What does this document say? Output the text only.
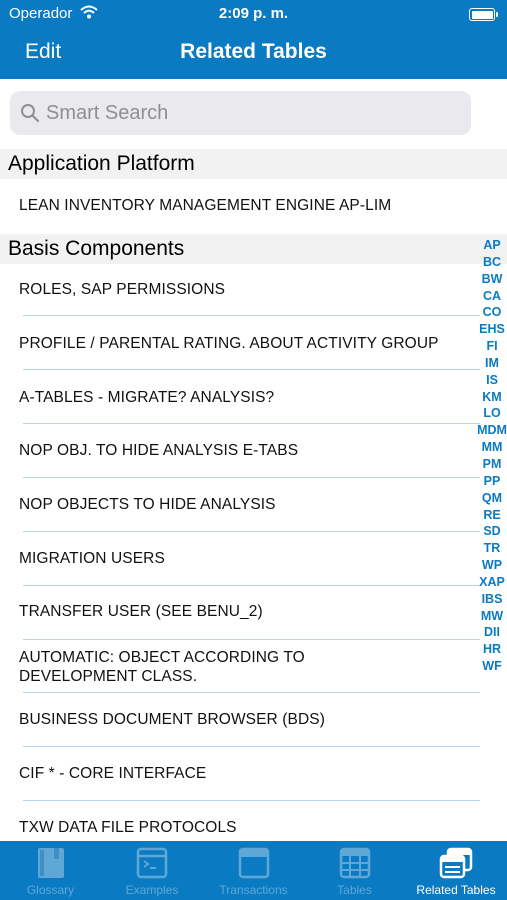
Operador	2:09 p. m.
Edit	Related Tables
Smart Search
Application Platform
LEAN INVENTORY MANAGEMENT ENGINE AP-LIM
Basis Components
ROLES, SAP PERMISSIONS
PROFILE / PARENTAL RATING. ABOUT ACTIVITY GROUP
A-TABLES - MIGRATE? ANALYSIS?
NOP OBJ. TO HIDE ANALYSIS E-TABS
NOP OBJECTS TO HIDE ANALYSIS
MIGRATION USERS
TRANSFER USER (SEE BENU_2)
AUTOMATIC: OBJECT ACCORDING TO DEVELOPMENT CLASS.
BUSINESS DOCUMENT BROWSER (BDS)
CIF * - CORE INTERFACE
TXW DATA FILE PROTOCOLS
AP
BC
BW
CA
CO
EHS
FI
IM
IS
KM
LO
MDM
MM
PM
PP
QM
RE
SD
TR
WP
XAP
IBS
MW
DII
HR
WF
Glossary	Examples	Transactions	Tables	Related Tables
